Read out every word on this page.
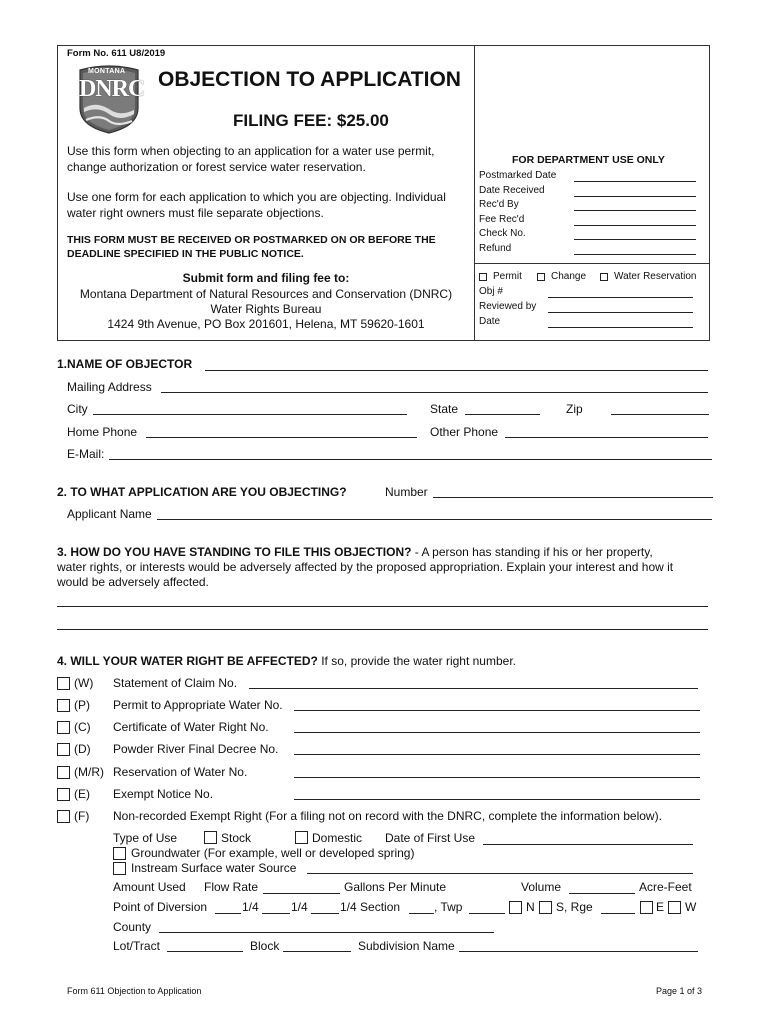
Form No. 611 U8/2019
MONTANA
DNRC OBJECTION TO APPLICATION
FILING FEE: $25.00
Use this form when objecting to an application for a water use permit, change authorization or forest service water reservation.
Use one form for each application to which you are objecting. Individual water right owners must file separate objections.
THIS FORM MUST BE RECEIVED OR POSTMARKED ON OR BEFORE THE DEADLINE SPECIFIED IN THE PUBLIC NOTICE.
Submit form and filing fee to:
Montana Department of Natural Resources and Conservation (DNRC)
Water Rights Bureau
1424 9th Avenue, PO Box 201601, Helena, MT 59620-1601
FOR DEPARTMENT USE ONLY
Postmarked Date
Date Received
Rec'd By
Fee Rec'd
Check No.
Refund
Permit	Change	Water Reservation
Obj #
Reviewed by
Date
1.NAME OF OBJECTOR
Mailing Address
City	State	Zip
Home Phone	Other Phone
E-Mail:
2. TO WHAT APPLICATION ARE YOU OBJECTING?	Number
Applicant Name
3. HOW DO YOU HAVE STANDING TO FILE THIS OBJECTION? - A person has standing if his or her property,
water rights, or interests would be adversely affected by the proposed appropriation. Explain your interest and how it
would be adversely affected.
4. WILL YOUR WATER RIGHT BE AFFECTED? If so, provide the water right number.
(W) Statement of Claim No.
(P) Permit to Appropriate Water No.
(C) Certificate of Water Right No.
(D) Powder River Final Decree No.
(M/R) Reservation of Water No.
(E) Exempt Notice No.
(F) Non-recorded Exempt Right (For a filing not on record with the DNRC, complete the information below).
Type of Use	Stock	Domestic Date of First Use
Groundwater (For example, well or developed spring)
Instream Surface water Source
Amount Used Flow Rate	Gallons Per Minute	Volume	Acre-Feet
Point of Diversion	1/4	1/4	1/4 Section	, Twp	N S, Rge	E W
County
Lot/Tract	Block	Subdivision Name
Form 611 Objection to Application	Page 1 of 3
